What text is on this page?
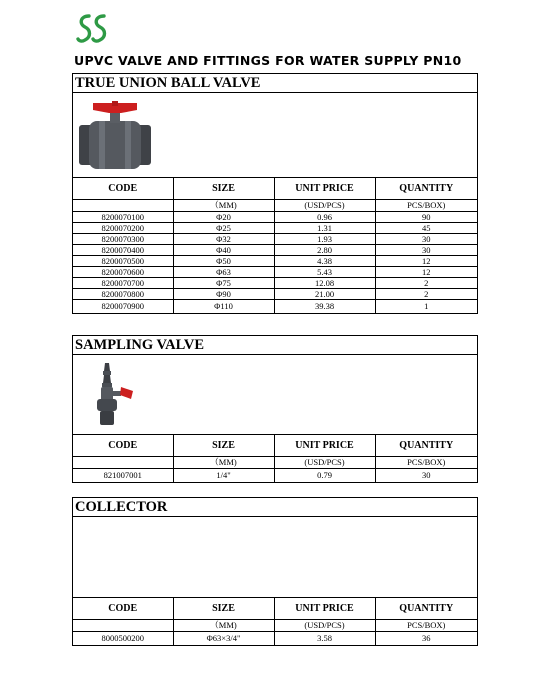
UPVC VALVE AND FITTINGS FOR WATER SUPPLY PN10
TRUE UNION BALL VALVE
CODE	SIZE	UNIT PRICE	QUANTITY
	（MM)	(USD/PCS)	PCS/BOX)
8200070100	Φ20	0.96	90
8200070200	Φ25	1.31	45
8200070300	Φ32	1.93	30
8200070400	Φ40	2.80	30
8200070500	Φ50	4.38	12
8200070600	Φ63	5.43	12
8200070700	Φ75	12.08	2
8200070800	Φ90	21.00	2
8200070900	Φ110	39.38	1
SAMPLING VALVE
CODE	SIZE	UNIT PRICE	QUANTITY
	（MM)	(USD/PCS)	PCS/BOX)
821007001	1/4"	0.79	30
COLLECTOR
CODE	SIZE	UNIT PRICE	QUANTITY
	（MM)	(USD/PCS)	PCS/BOX)
8000500200	Φ63×3/4"	3.58	36
